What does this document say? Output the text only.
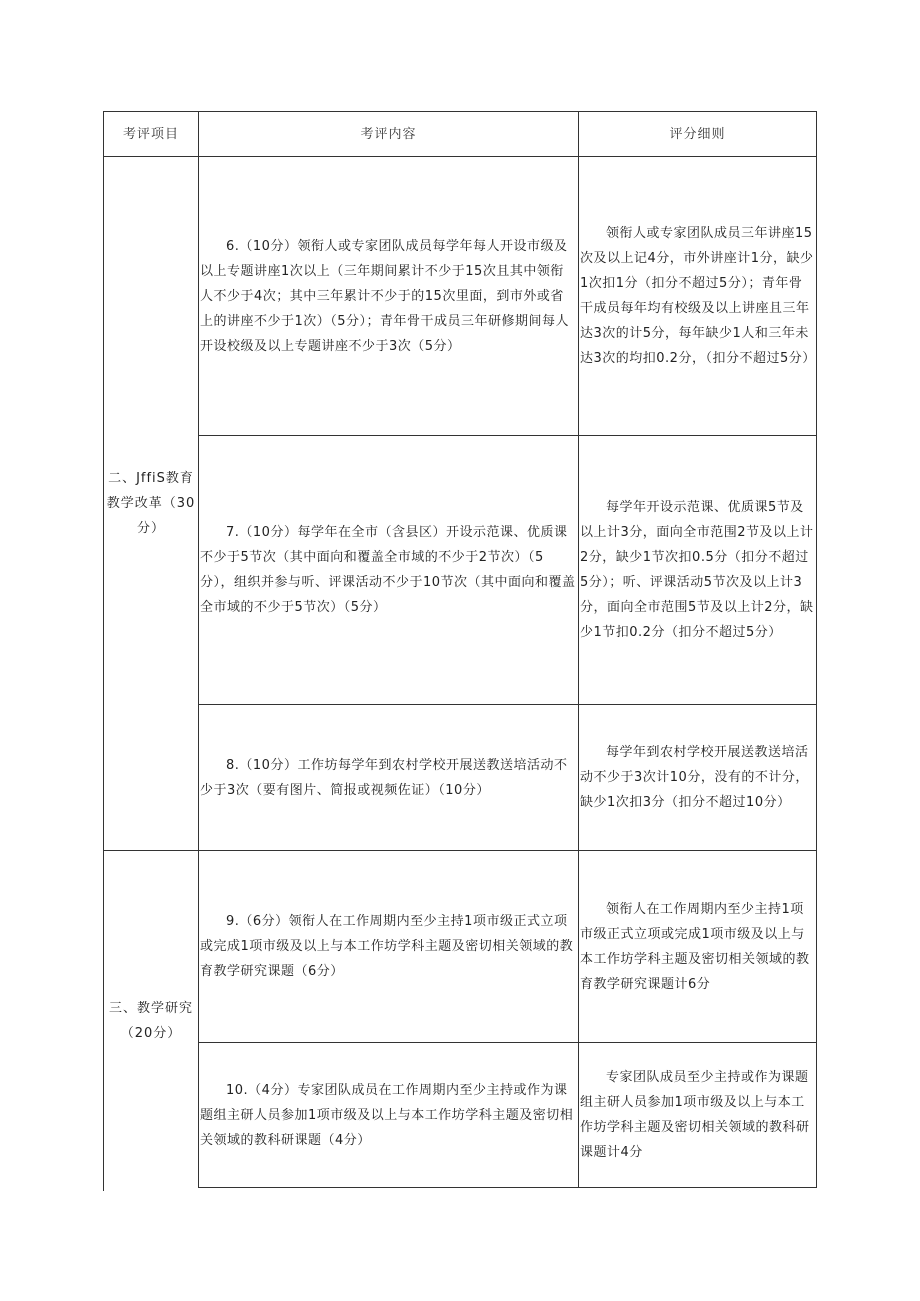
考评项目	考评内容	评分细则
二、JffiS教育教学改革（30分）
6.（10分）领衔人或专家团队成员每学年每人开设市级及以上专题讲座1次以上（三年期间累计不少于15次且其中领衔人不少于4次；其中三年累计不少于的15次里面，到市外或省上的讲座不少于1次）（5分）；青年骨干成员三年研修期间每人开设校级及以上专题讲座不少于3次（5分）
领衔人或专家团队成员三年讲座15次及以上记4分，市外讲座计1分，缺少1次扣1分（扣分不超过5分）；青年骨干成员每年均有校级及以上讲座且三年达3次的计5分，每年缺少1人和三年未达3次的均扣0.2分，（扣分不超过5分）
7.（10分）每学年在全市（含县区）开设示范课、优质课不少于5节次（其中面向和覆盖全市域的不少于2节次）（5分），组织并参与听、评课活动不少于10节次（其中面向和覆盖全市域的不少于5节次）（5分）
每学年开设示范课、优质课5节及以上计3分，面向全市范围2节及以上计2分，缺少1节次扣0.5分（扣分不超过5分）；听、评课活动5节次及以上计3分，面向全市范围5节及以上计2分，缺少1节扣0.2分（扣分不超过5分）
8.（10分）工作坊每学年到农村学校开展送教送培活动不少于3次（要有图片、简报或视频佐证）（10分）
每学年到农村学校开展送教送培活动不少于3次计10分，没有的不计分，缺少1次扣3分（扣分不超过10分）
三、教学研究（20分）
9.（6分）领衔人在工作周期内至少主持1项市级正式立项或完成1项市级及以上与本工作坊学科主题及密切相关领域的教育教学研究课题（6分）
领衔人在工作周期内至少主持1项市级正式立项或完成1项市级及以上与本工作坊学科主题及密切相关领域的教育教学研究课题计6分
10.（4分）专家团队成员在工作周期内至少主持或作为课题组主研人员参加1项市级及以上与本工作坊学科主题及密切相关领域的教科研课题（4分）
专家团队成员至少主持或作为课题组主研人员参加1项市级及以上与本工作坊学科主题及密切相关领域的教科研课题计4分
